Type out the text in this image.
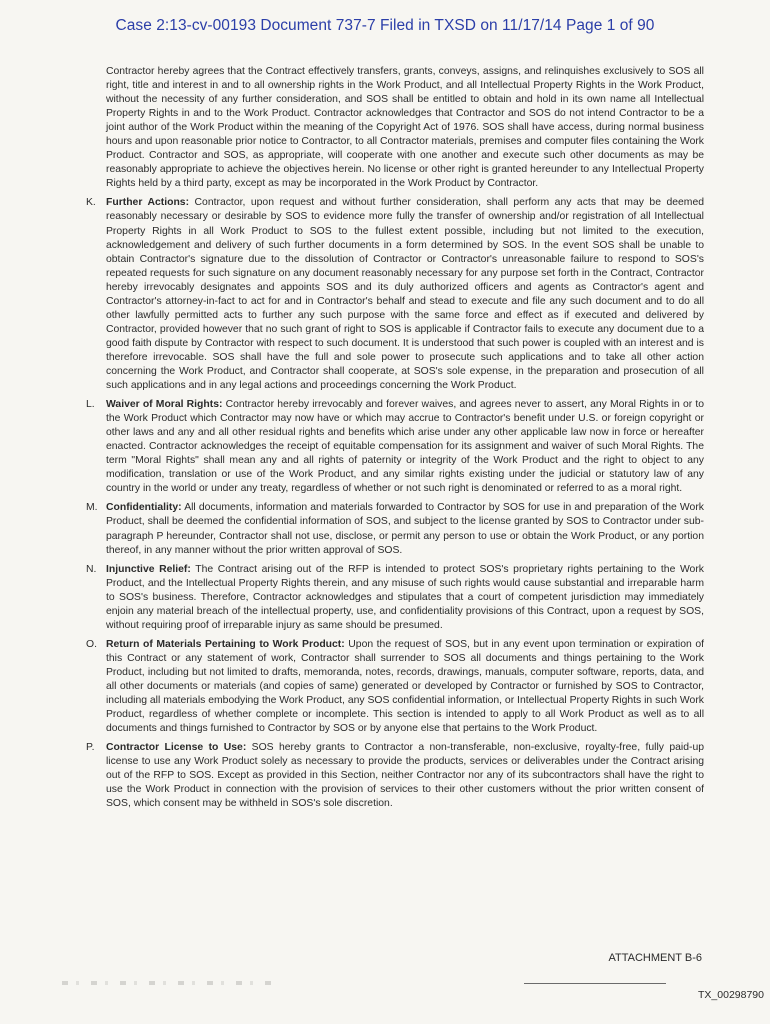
Case 2:13-cv-00193 Document 737-7 Filed in TXSD on 11/17/14 Page 1 of 90

Contractor hereby agrees that the Contract effectively transfers, grants, conveys, assigns, and relinquishes exclusively to SOS all right, title and interest in and to all ownership rights in the Work Product, and all Intellectual Property Rights in the Work Product, without the necessity of any further consideration, and SOS shall be entitled to obtain and hold in its own name all Intellectual Property Rights in and to the Work Product. Contractor acknowledges that Contractor and SOS do not intend Contractor to be a joint author of the Work Product within the meaning of the Copyright Act of 1976. SOS shall have access, during normal business hours and upon reasonable prior notice to Contractor, to all Contractor materials, premises and computer files containing the Work Product. Contractor and SOS, as appropriate, will cooperate with one another and execute such other documents as may be reasonably appropriate to achieve the objectives herein. No license or other right is granted hereunder to any Intellectual Property Rights held by a third party, except as may be incorporated in the Work Product by Contractor.

K. Further Actions: Contractor, upon request and without further consideration, shall perform any acts that may be deemed reasonably necessary or desirable by SOS to evidence more fully the transfer of ownership and/or registration of all Intellectual Property Rights in all Work Product to SOS to the fullest extent possible, including but not limited to the execution, acknowledgement and delivery of such further documents in a form determined by SOS. In the event SOS shall be unable to obtain Contractor's signature due to the dissolution of Contractor or Contractor's unreasonable failure to respond to SOS's repeated requests for such signature on any document reasonably necessary for any purpose set forth in the Contract, Contractor hereby irrevocably designates and appoints SOS and its duly authorized officers and agents as Contractor's agent and Contractor's attorney-in-fact to act for and in Contractor's behalf and stead to execute and file any such document and to do all other lawfully permitted acts to further any such purpose with the same force and effect as if executed and delivered by Contractor, provided however that no such grant of right to SOS is applicable if Contractor fails to execute any document due to a good faith dispute by Contractor with respect to such document. It is understood that such power is coupled with an interest and is therefore irrevocable. SOS shall have the full and sole power to prosecute such applications and to take all other action concerning the Work Product, and Contractor shall cooperate, at SOS's sole expense, in the preparation and prosecution of all such applications and in any legal actions and proceedings concerning the Work Product.

L. Waiver of Moral Rights: Contractor hereby irrevocably and forever waives, and agrees never to assert, any Moral Rights in or to the Work Product which Contractor may now have or which may accrue to Contractor's benefit under U.S. or foreign copyright or other laws and any and all other residual rights and benefits which arise under any other applicable law now in force or hereafter enacted. Contractor acknowledges the receipt of equitable compensation for its assignment and waiver of such Moral Rights. The term "Moral Rights" shall mean any and all rights of paternity or integrity of the Work Product and the right to object to any modification, translation or use of the Work Product, and any similar rights existing under the judicial or statutory law of any country in the world or under any treaty, regardless of whether or not such right is denominated or referred to as a moral right.

M. Confidentiality: All documents, information and materials forwarded to Contractor by SOS for use in and preparation of the Work Product, shall be deemed the confidential information of SOS, and subject to the license granted by SOS to Contractor under sub-paragraph P hereunder, Contractor shall not use, disclose, or permit any person to use or obtain the Work Product, or any portion thereof, in any manner without the prior written approval of SOS.

N. Injunctive Relief: The Contract arising out of the RFP is intended to protect SOS's proprietary rights pertaining to the Work Product, and the Intellectual Property Rights therein, and any misuse of such rights would cause substantial and irreparable harm to SOS's business. Therefore, Contractor acknowledges and stipulates that a court of competent jurisdiction may immediately enjoin any material breach of the intellectual property, use, and confidentiality provisions of this Contract, upon a request by SOS, without requiring proof of irreparable injury as same should be presumed.

O. Return of Materials Pertaining to Work Product: Upon the request of SOS, but in any event upon termination or expiration of this Contract or any statement of work, Contractor shall surrender to SOS all documents and things pertaining to the Work Product, including but not limited to drafts, memoranda, notes, records, drawings, manuals, computer software, reports, data, and all other documents or materials (and copies of same) generated or developed by Contractor or furnished by SOS to Contractor, including all materials embodying the Work Product, any SOS confidential information, or Intellectual Property Rights in such Work Product, regardless of whether complete or incomplete. This section is intended to apply to all Work Product as well as to all documents and things furnished to Contractor by SOS or by anyone else that pertains to the Work Product.

P. Contractor License to Use: SOS hereby grants to Contractor a non-transferable, non-exclusive, royalty-free, fully paid-up license to use any Work Product solely as necessary to provide the products, services or deliverables under the Contract arising out of the RFP to SOS. Except as provided in this Section, neither Contractor nor any of its subcontractors shall have the right to use the Work Product in connection with the provision of services to their other customers without the prior written consent of SOS, which consent may be withheld in SOS's sole discretion.

ATTACHMENT B-6
TX_00298790
